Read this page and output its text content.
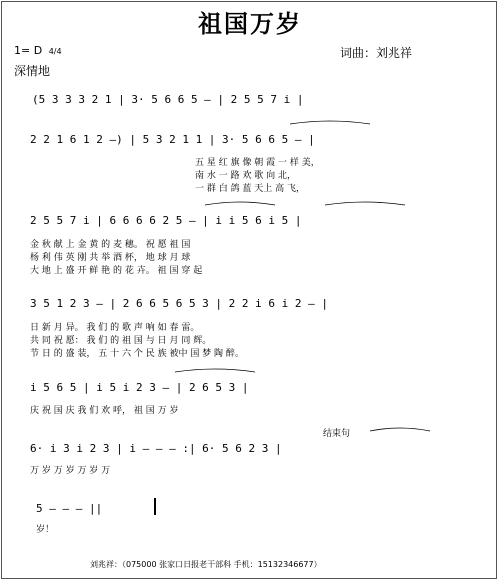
祖国万岁
1= D 4/4
深情地
词曲：刘兆祥
(5 3 3 3 2 1 | 3· 5 6 6 5 – | 2 5 5 7 i |
2 2 1 6 1 2 –) | 5 3 2 1 1 | 3· 5 6 6 5 – |
五 星 红 旗 像 朝 霞 一 样 美，
南 水 一 路 欢 歌 向 北，
一 群 白 鸽 蓝 天上 高 飞，
2 5 5 7 i | 6 6 6 6 2 5 – | i i 5 6 i 5 |
金 秋 献 上 金 黄 的 麦 穗。 祝 愿 祖 国
杨 利 伟 英 刚 共 举 酒 杯， 地 球 月 球
大 地 上 盛 开 鲜 艳 的 花 卉。 祖 国 穿 起
3 5 1 2 3 – | 2 6 6 5 6 5 3 | 2 2 i 6 i 2 – |
日 新 月 异。 我 们 的 歌 声 响 如 春 雷。
共 同 祝 愿： 我 们 的 祖 国 与 日 月 同 辉。
节 日 的 盛 装， 五 十 六 个 民 族 被中 国 梦 陶 醉。
i 5 6 5 | i 5 i 2 3 – | 2 6 5 3 |
庆 祝 国 庆 我 们 欢 呼， 祖 国 万 岁
结束句
6· i 3 i 2 3 | i – – – :| 6· 5 6 2 3 |
万 岁 万 岁 万 岁 万
5 – – – ||
岁！
刘兆祥：（075000 张家口日报老干部科 手机：15132346677）
